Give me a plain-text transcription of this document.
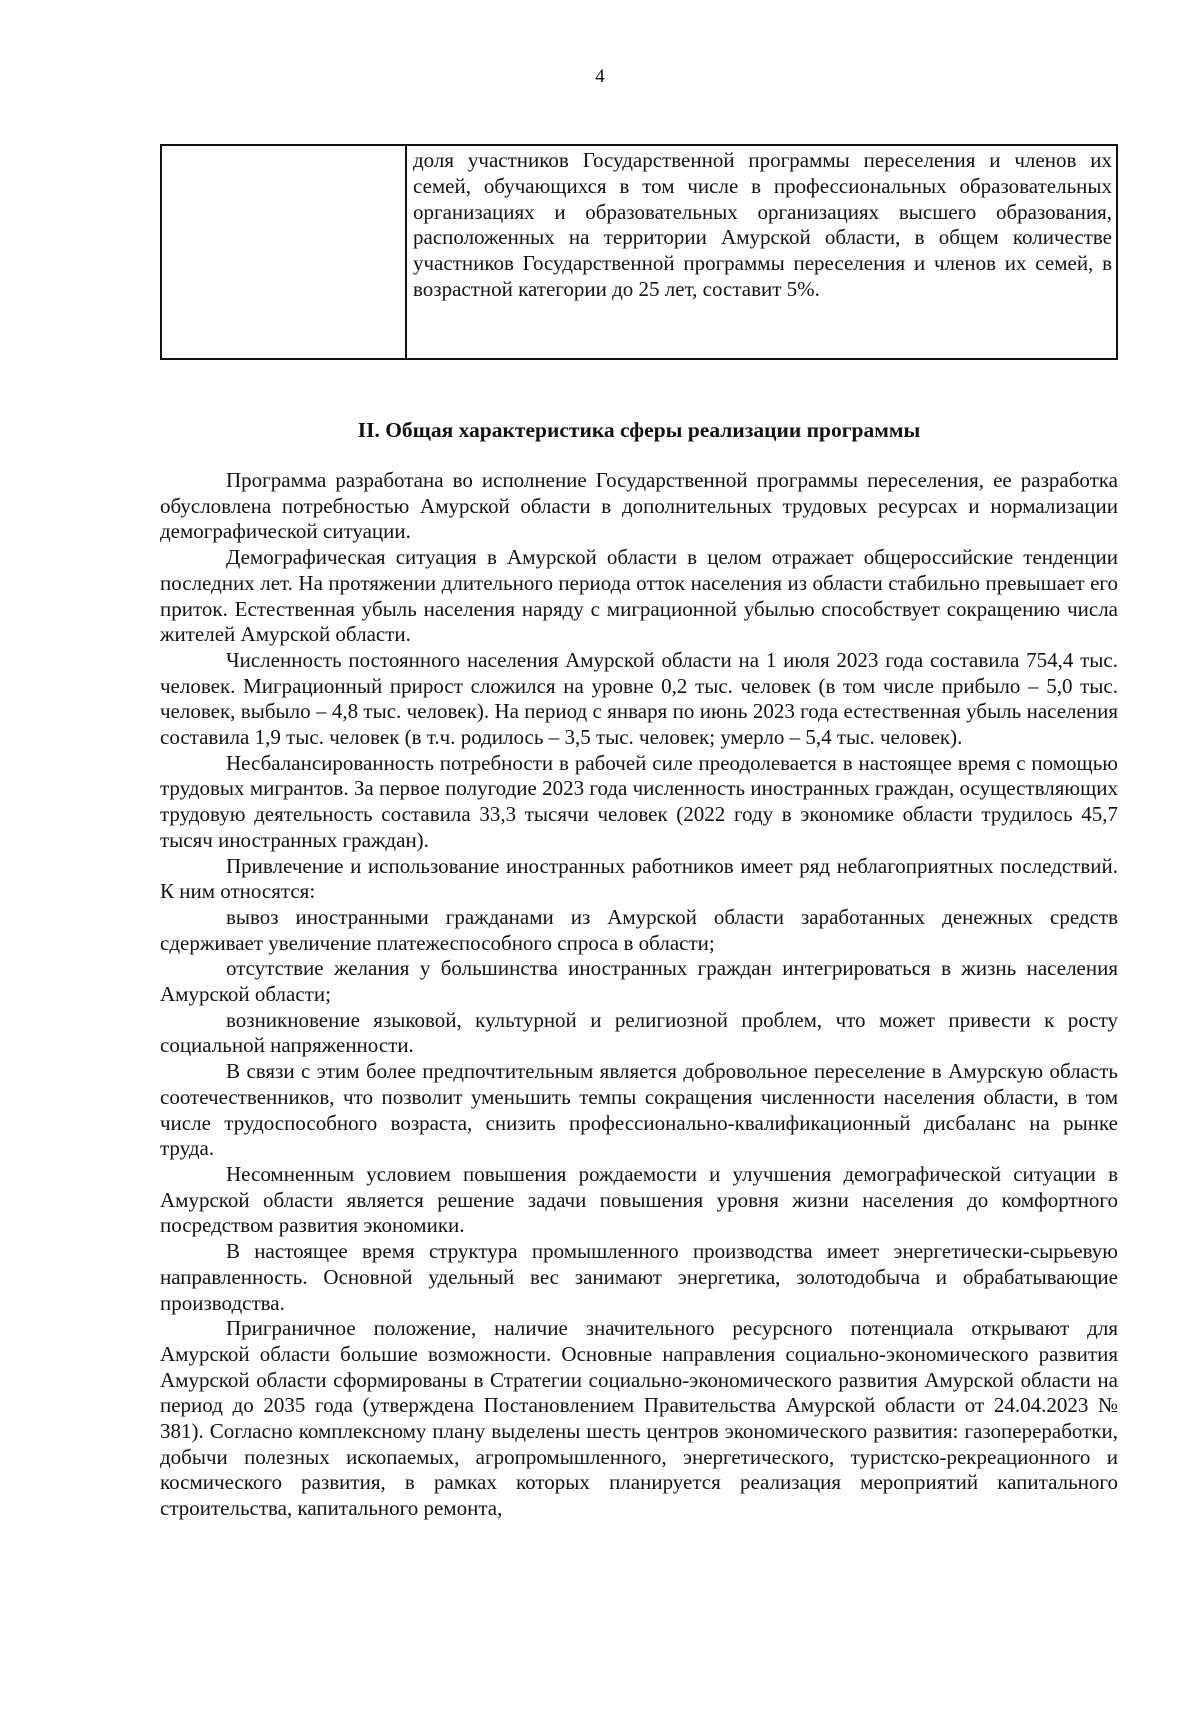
4
	доля участников Государственной программы переселения и членов их семей, обучающихся в том числе в профессиональных образовательных организациях и образовательных организациях высшего образования, расположенных на территории Амурской области, в общем количестве участников Государственной программы переселения и членов их семей, в возрастной категории до 25 лет, составит 5%.
II. Общая характеристика сферы реализации программы

Программа разработана во исполнение Государственной программы переселения, ее разработка обусловлена потребностью Амурской области в дополнительных трудовых ресурсах и нормализации демографической ситуации.

Демографическая ситуация в Амурской области в целом отражает общероссийские тенденции последних лет. На протяжении длительного периода отток населения из области стабильно превышает его приток. Естественная убыль населения наряду с миграционной убылью способствует сокращению числа жителей Амурской области.

Численность постоянного населения Амурской области на 1 июля 2023 года составила 754,4 тыс. человек. Миграционный прирост сложился на уровне 0,2 тыс. человек (в том числе прибыло – 5,0 тыс. человек, выбыло – 4,8 тыс. человек). На период с января по июнь 2023 года естественная убыль населения составила 1,9 тыс. человек (в т.ч. родилось – 3,5 тыс. человек; умерло – 5,4 тыс. человек).

Несбалансированность потребности в рабочей силе преодолевается в настоящее время с помощью трудовых мигрантов. За первое полугодие 2023 года численность иностранных граждан, осуществляющих трудовую деятельность составила 33,3 тысячи человек (2022 году в экономике области трудилось 45,7 тысяч иностранных граждан).

Привлечение и использование иностранных работников имеет ряд неблагоприятных последствий. К ним относятся:

вывоз иностранными гражданами из Амурской области заработанных денежных средств сдерживает увеличение платежеспособного спроса в области;

отсутствие желания у большинства иностранных граждан интегрироваться в жизнь населения Амурской области;

возникновение языковой, культурной и религиозной проблем, что может привести к росту социальной напряженности.

В связи с этим более предпочтительным является добровольное переселение в Амурскую область соотечественников, что позволит уменьшить темпы сокращения численности населения области, в том числе трудоспособного возраста, снизить профессионально-квалификационный дисбаланс на рынке труда.

Несомненным условием повышения рождаемости и улучшения демографической ситуации в Амурской области является решение задачи повышения уровня жизни населения до комфортного посредством развития экономики.

В настоящее время структура промышленного производства имеет энергетически-сырьевую направленность. Основной удельный вес занимают энергетика, золотодобыча и обрабатывающие производства.

Приграничное положение, наличие значительного ресурсного потенциала открывают для Амурской области большие возможности. Основные направления социально-экономического развития Амурской области сформированы в Стратегии социально-экономического развития Амурской области на период до 2035 года (утверждена Постановлением Правительства Амурской области от 24.04.2023 № 381). Согласно комплексному плану выделены шесть центров экономического развития: газопереработки, добычи полезных ископаемых, агропромышленного, энергетического, туристско-рекреационного и космического развития, в рамках которых планируется реализация мероприятий капитального строительства, капитального ремонта,
